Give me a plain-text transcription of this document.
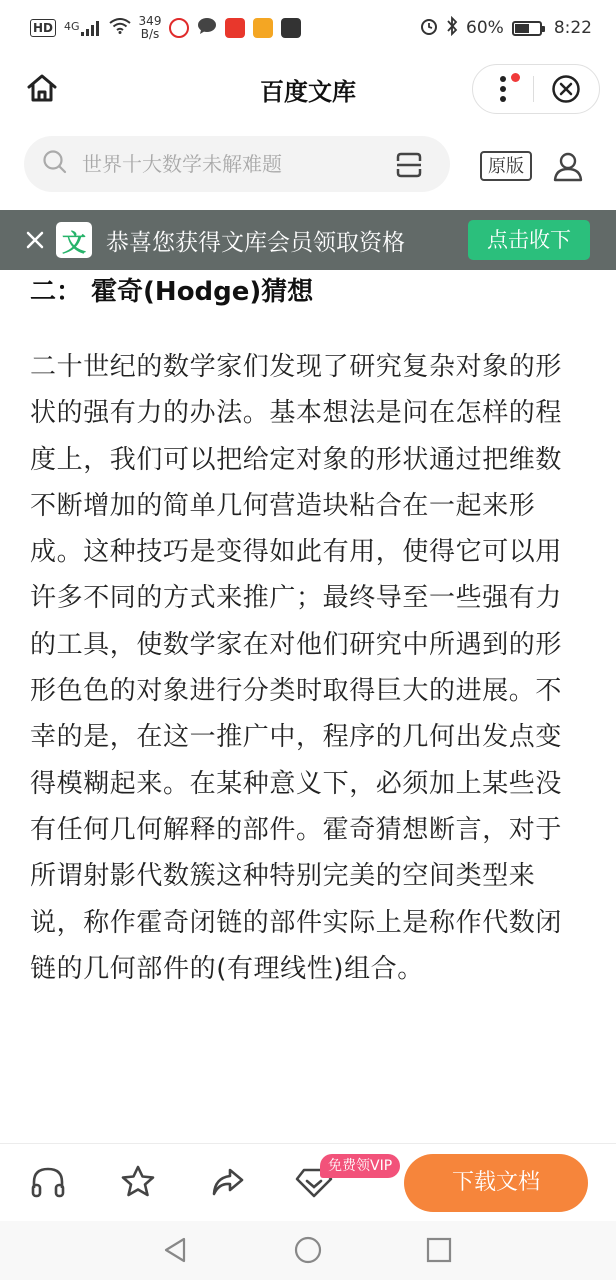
HD 4G	349
B/s	60%	8:22
百度文库
世界十大数学未解难题
原版
文 恭喜您获得文库会员领取资格	点击收下
二： 霍奇(Hodge)猜想
二十世纪的数学家们发现了研究复杂对象的形状的强有力的办法。基本想法是问在怎样的程度上，我们可以把给定对象的形状通过把维数不断增加的简单几何营造块粘合在一起来形成。这种技巧是变得如此有用，使得它可以用许多不同的方式来推广；最终导至一些强有力的工具，使数学家在对他们研究中所遇到的形形色色的对象进行分类时取得巨大的进展。不幸的是，在这一推广中，程序的几何出发点变得模糊起来。在某种意义下，必须加上某些没有任何几何解释的部件。霍奇猜想断言，对于所谓射影代数簇这种特别完美的空间类型来说，称作霍奇闭链的部件实际上是称作代数闭链的几何部件的(有理线性)组合。
免费领VIP
下载文档
